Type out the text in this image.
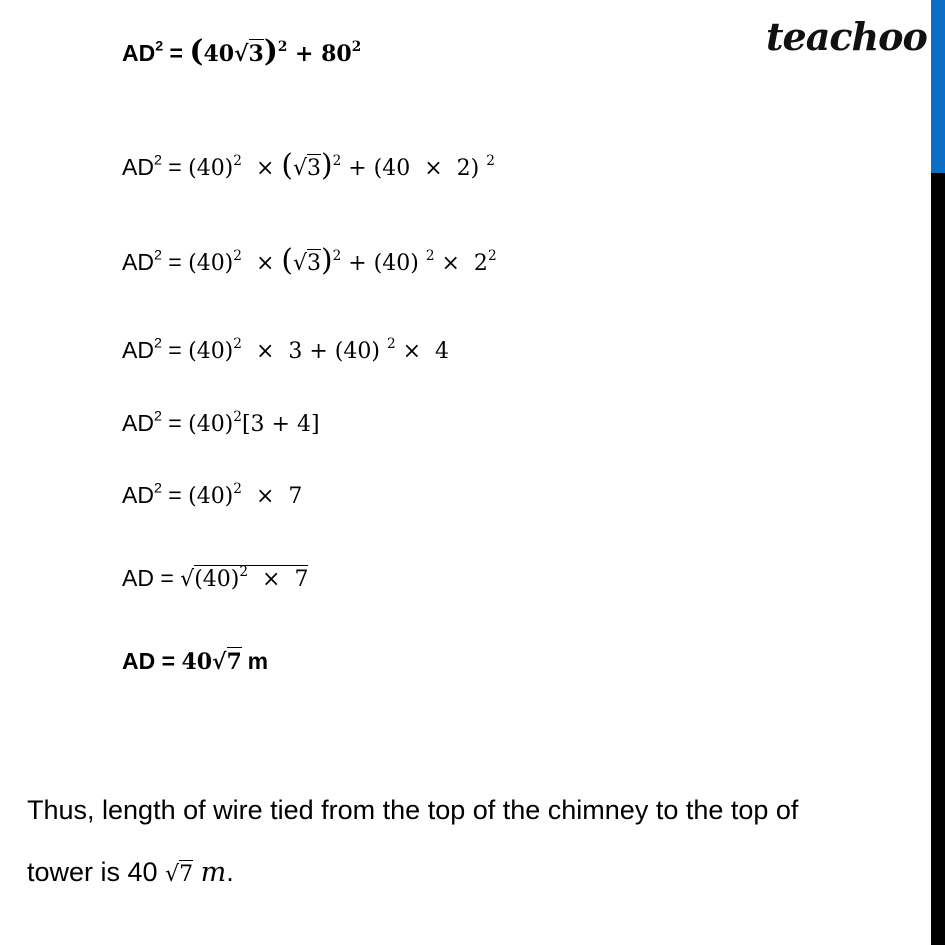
teachoo
$AD^2 = (40√3)^2 + 80^2$
$AD^2 = (40)^2 \times (√3)^2 + (40 \times 2)$ $^2$
$AD^2 = (40)^2 \times (√3)^2 + (40) ^2 \times 2^2$
$AD^2 = (40)^2 \times 3 + (40) ^2 \times 4$
$AD^2 = (40)^2[3 + 4]$
$AD^2 = (40)^2 \times 7$
AD = $√(40)^2 \times 7$
AD = 40√7 m
Thus, length of wire tied from the top of the chimney to the top of
tower is 40 √7 m.
